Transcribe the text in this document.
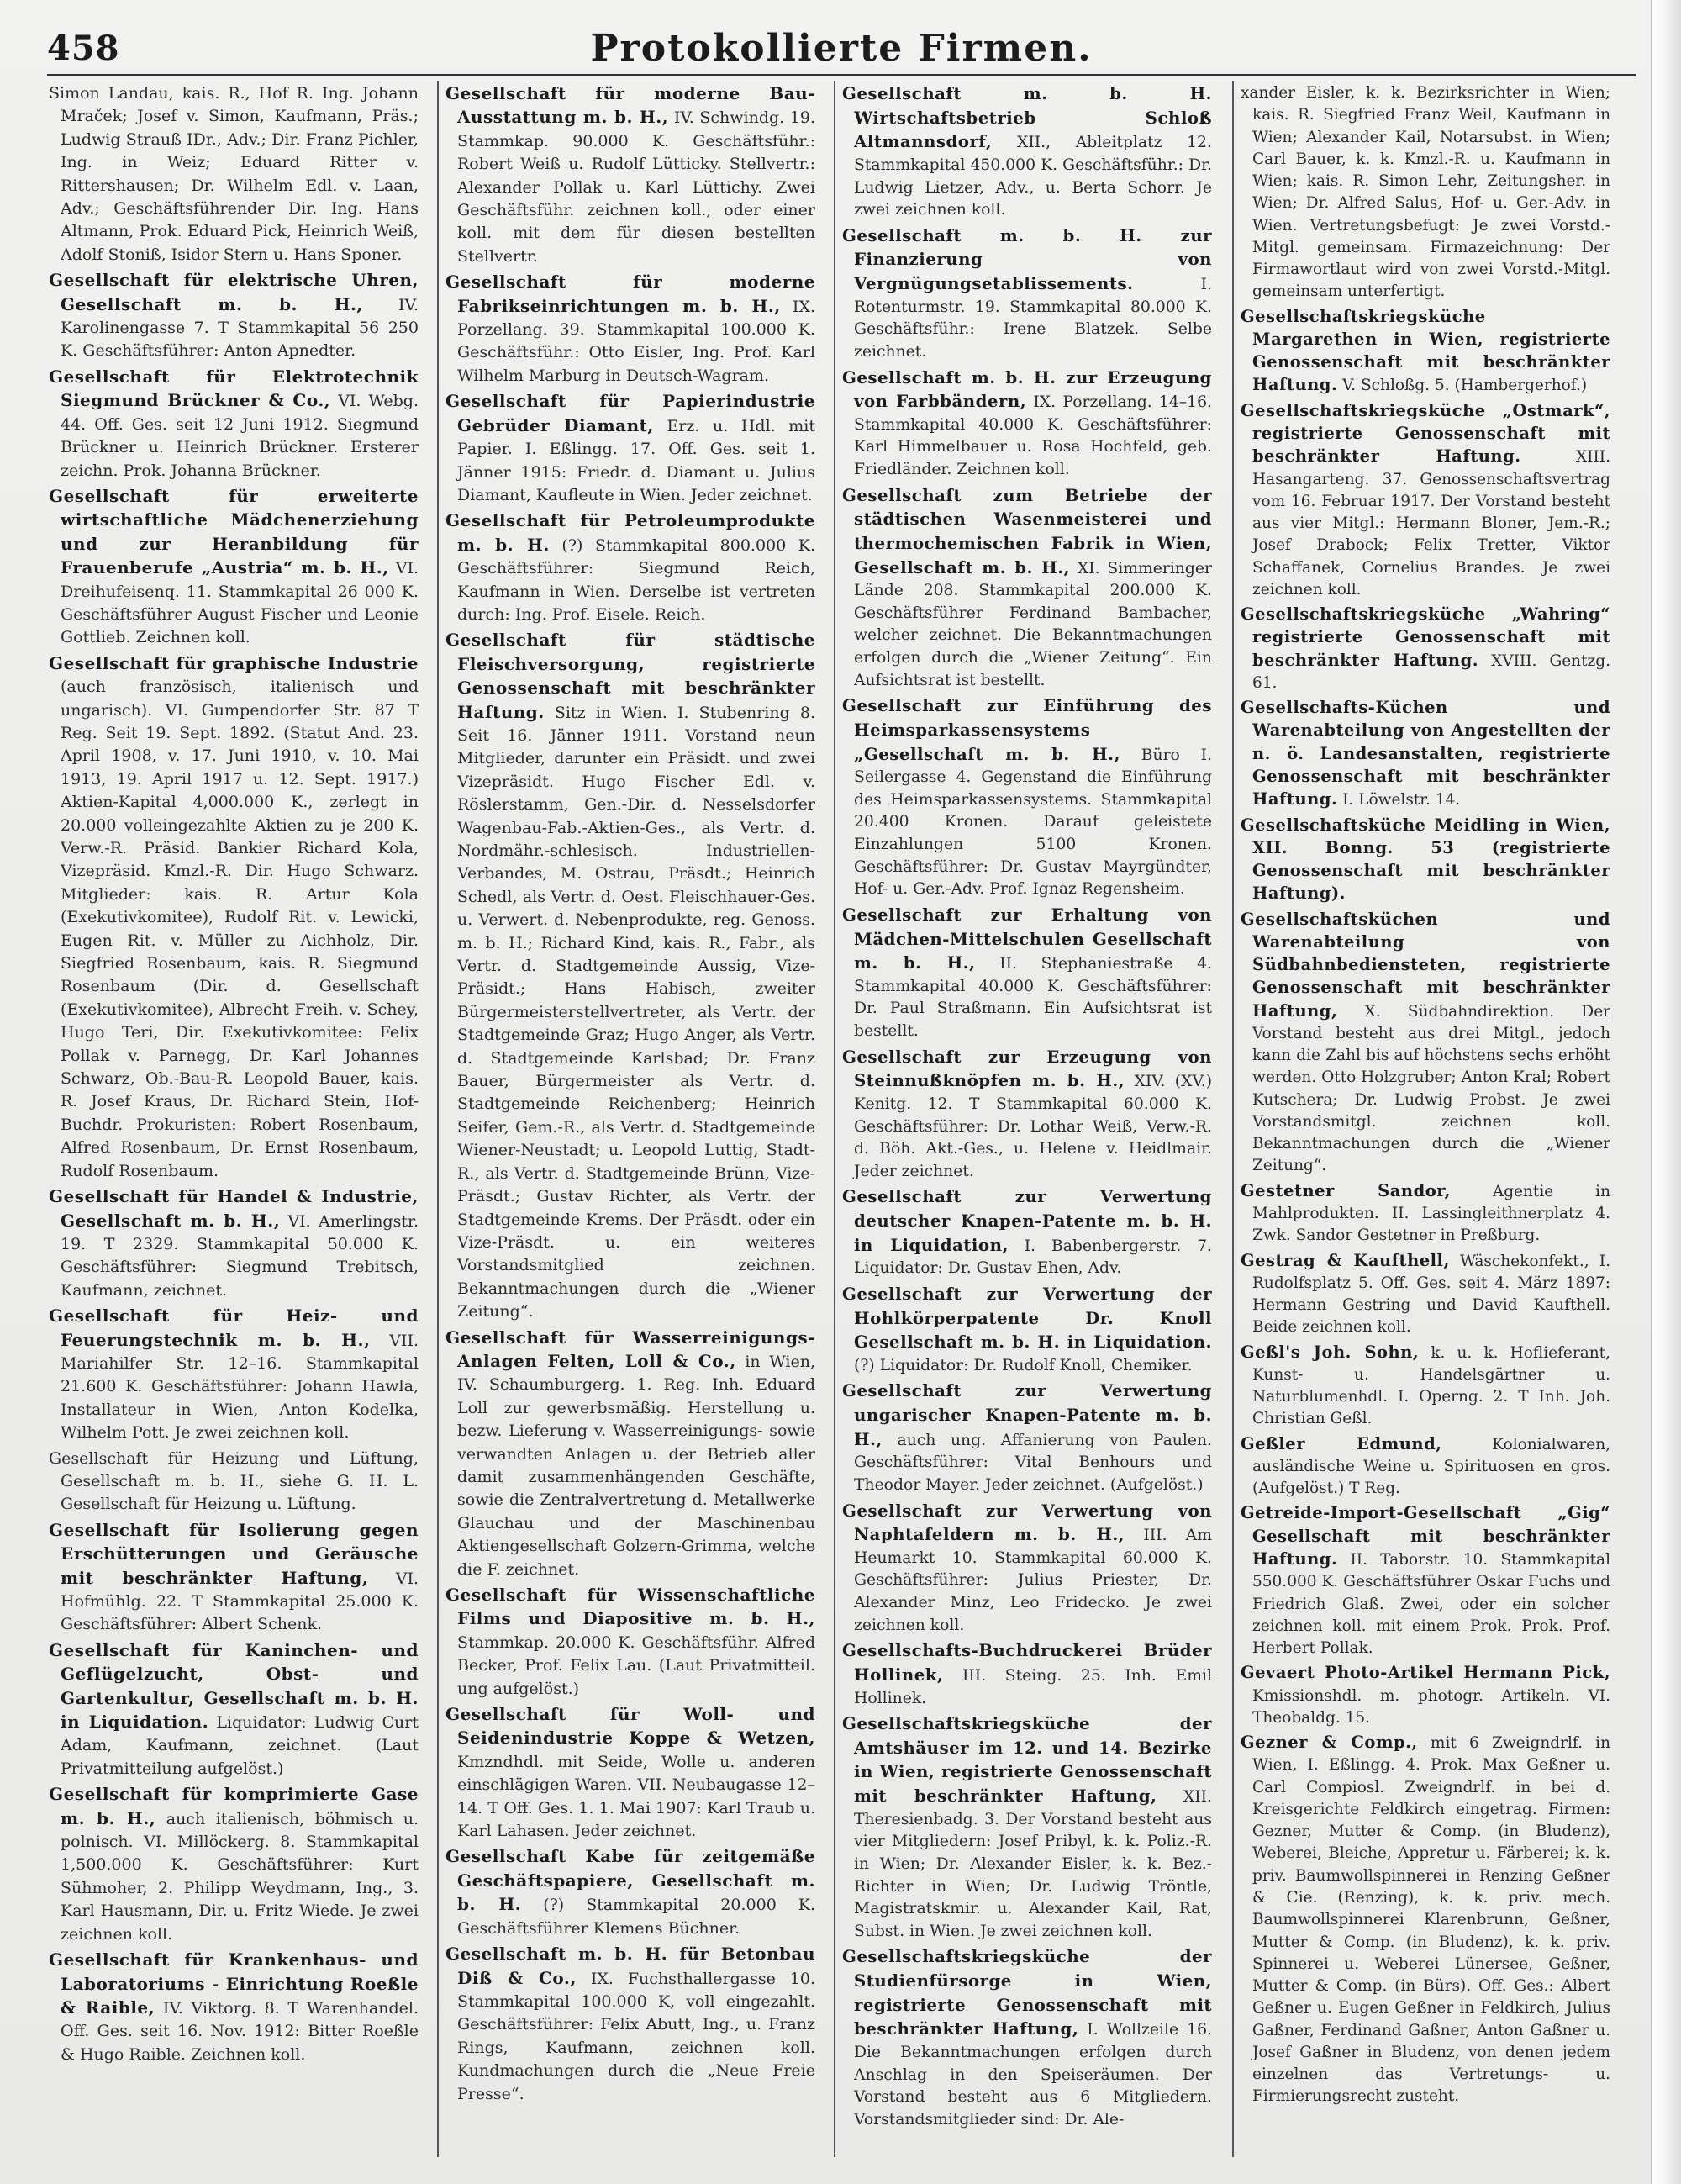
458	Protokollierte Firmen.

Simon Landau, kais. R., Hof R. Ing. Johann Mraček; Josef v. Simon, Kaufmann, Präs.; Ludwig Strauß IDr., Adv.; Dir. Franz Pichler, Ing. in Weiz; Eduard Ritter v. Rittershausen; Dr. Wilhelm Edl. v. Laan, Adv.; Geschäftsführender Dir. Ing. Hans Altmann, Prok. Eduard Pick, Heinrich Weiß, Adolf Stoniß, Isidor Stern u. Hans Sponer.

Gesellschaft für elektrische Uhren, Gesellschaft m. b. H., IV. Karolinengasse 7. T Stammkapital 56 250 K. Geschäftsführer: Anton Apnedter.

Gesellschaft für Elektrotechnik Siegmund Brückner & Co., VI. Webg. 44. Off. Ges. seit 12 Juni 1912. Siegmund Brückner u. Heinrich Brückner. Ersterer zeichn. Prok. Johanna Brückner.

Gesellschaft für erweiterte wirtschaftliche Mädchenerziehung und zur Heranbildung für Frauenberufe „Austria“ m. b. H., VI. Dreihufeisenq. 11. Stammkapital 26 000 K. Geschäftsführer August Fischer und Leonie Gottlieb. Zeichnen koll.

Gesellschaft für graphische Industrie (auch französisch, italienisch und ungarisch). VI. Gumpendorfer Str. 87 T Reg. Seit 19. Sept. 1892. (Statut And. 23. April 1908, v. 17. Juni 1910, v. 10. Mai 1913, 19. April 1917 u. 12. Sept. 1917.) Aktien-Kapital 4,000.000 K., zerlegt in 20.000 volleingezahlte Aktien zu je 200 K. Verw.-R. Präsid. Bankier Richard Kola, Vizepräsid. Kmzl.-R. Dir. Hugo Schwarz. Mitglieder: kais. R. Artur Kola (Exekutivkomitee), Rudolf Rit. v. Lewicki, Eugen Rit. v. Müller zu Aichholz, Dir. Siegfried Rosenbaum, kais. R. Siegmund Rosenbaum (Dir. d. Gesellschaft (Exekutivkomitee), Albrecht Freih. v. Schey, Hugo Teri, Dir. Exekutivkomitee: Felix Pollak v. Parnegg, Dr. Karl Johannes Schwarz, Ob.-Bau-R. Leopold Bauer, kais. R. Josef Kraus, Dr. Richard Stein, Hof-Buchdr. Prokuristen: Robert Rosenbaum, Alfred Rosenbaum, Dr. Ernst Rosenbaum, Rudolf Rosenbaum.

Gesellschaft für Handel & Industrie, Gesellschaft m. b. H., VI. Amerlingstr. 19. T 2329. Stammkapital 50.000 K. Geschäftsführer: Siegmund Trebitsch, Kaufmann, zeichnet.

Gesellschaft für Heiz- und Feuerungstechnik m. b. H., VII. Mariahilfer Str. 12–16. Stammkapital 21.600 K. Geschäftsführer: Johann Hawla, Installateur in Wien, Anton Kodelka, Wilhelm Pott. Je zwei zeichnen koll.

Gesellschaft für Heizung und Lüftung, Gesellschaft m. b. H., siehe G. H. L. Gesellschaft für Heizung u. Lüftung.

Gesellschaft für Isolierung gegen Erschütterungen und Geräusche mit beschränkter Haftung, VI. Hofmühlg. 22. T Stammkapital 25.000 K. Geschäftsführer: Albert Schenk.

Gesellschaft für Kaninchen- und Geflügelzucht, Obst- und Gartenkultur, Gesellschaft m. b. H. in Liquidation. Liquidator: Ludwig Curt Adam, Kaufmann, zeichnet. (Laut Privatmitteilung aufgelöst.)

Gesellschaft für komprimierte Gase m. b. H., auch italienisch, böhmisch u. polnisch. VI. Millöckerg. 8. Stammkapital 1,500.000 K. Geschäftsführer: Kurt Sühmoher, 2. Philipp Weydmann, Ing., 3. Karl Hausmann, Dir. u. Fritz Wiede. Je zwei zeichnen koll.

Gesellschaft für Krankenhaus- und Laboratoriums - Einrichtung Roeßle & Raible, IV. Viktorg. 8. T Warenhandel. Off. Ges. seit 16. Nov. 1912: Bitter Roeßle & Hugo Raible. Zeichnen koll.

Gesellschaft für moderne Bau-Ausstattung m. b. H., IV. Schwindg. 19. Stammkap. 90.000 K. Geschäftsführ.: Robert Weiß u. Rudolf Lütticky. Stellvertr.: Alexander Pollak u. Karl Lüttichy. Zwei Geschäftsführ. zeichnen koll., oder einer koll. mit dem für diesen bestellten Stellvertr.

Gesellschaft für moderne Fabrikseinrichtungen m. b. H., IX. Porzellang. 39. Stammkapital 100.000 K. Geschäftsführ.: Otto Eisler, Ing. Prof. Karl Wilhelm Marburg in Deutsch-Wagram.

Gesellschaft für Papierindustrie Gebrüder Diamant, Erz. u. Hdl. mit Papier. I. Eßlingg. 17. Off. Ges. seit 1. Jänner 1915: Friedr. d. Diamant u. Julius Diamant, Kaufleute in Wien. Jeder zeichnet.

Gesellschaft für Petroleumprodukte m. b. H. (?) Stammkapital 800.000 K. Geschäftsführer: Siegmund Reich, Kaufmann in Wien. Derselbe ist vertreten durch: Ing. Prof. Eisele. Reich.

Gesellschaft für städtische Fleischversorgung, registrierte Genossenschaft mit beschränkter Haftung. Sitz in Wien. I. Stubenring 8. Seit 16. Jänner 1911. Vorstand neun Mitglieder, darunter ein Präsidt. und zwei Vizepräsidt. Hugo Fischer Edl. v. Röslerstamm, Gen.-Dir. d. Nesselsdorfer Wagenbau-Fab.-Aktien-Ges., als Vertr. d. Nordmähr.-schlesisch. Industriellen-Verbandes, M. Ostrau, Präsdt.; Heinrich Schedl, als Vertr. d. Oest. Fleischhauer-Ges. u. Verwert. d. Nebenprodukte, reg. Genoss. m. b. H.; Richard Kind, kais. R., Fabr., als Vertr. d. Stadtgemeinde Aussig, Vize-Präsidt.; Hans Habisch, zweiter Bürgermeisterstellvertreter, als Vertr. der Stadtgemeinde Graz; Hugo Anger, als Vertr. d. Stadtgemeinde Karlsbad; Dr. Franz Bauer, Bürgermeister als Vertr. d. Stadtgemeinde Reichenberg; Heinrich Seifer, Gem.-R., als Vertr. d. Stadtgemeinde Wiener-Neustadt; u. Leopold Luttig, Stadt-R., als Vertr. d. Stadtgemeinde Brünn, Vize-Präsdt.; Gustav Richter, als Vertr. der Stadtgemeinde Krems. Der Präsdt. oder ein Vize-Präsdt. u. ein weiteres Vorstandsmitglied zeichnen. Bekanntmachungen durch die „Wiener Zeitung“.

Gesellschaft für Wasserreinigungs-Anlagen Felten, Loll & Co., in Wien, IV. Schaumburgerg. 1. Reg. Inh. Eduard Loll zur gewerbsmäßig. Herstellung u. bezw. Lieferung v. Wasserreinigungs- sowie verwandten Anlagen u. der Betrieb aller damit zusammenhängenden Geschäfte, sowie die Zentralvertretung d. Metallwerke Glauchau und der Maschinenbau Aktiengesellschaft Golzern-Grimma, welche die F. zeichnet.

Gesellschaft für Wissenschaftliche Films und Diapositive m. b. H., Stammkap. 20.000 K. Geschäftsführ. Alfred Becker, Prof. Felix Lau. (Laut Privatmitteil. ung aufgelöst.)

Gesellschaft für Woll- und Seidenindustrie Koppe & Wetzen, Kmzndhdl. mit Seide, Wolle u. anderen einschlägigen Waren. VII. Neubaugasse 12–14. T Off. Ges. 1. 1. Mai 1907: Karl Traub u. Karl Lahasen. Jeder zeichnet.

Gesellschaft Kabe für zeitgemäße Geschäftspapiere, Gesellschaft m. b. H. (?) Stammkapital 20.000 K. Geschäftsführer Klemens Büchner.

Gesellschaft m. b. H. für Betonbau Diß & Co., IX. Fuchsthallergasse 10. Stammkapital 100.000 K, voll eingezahlt. Geschäftsführer: Felix Abutt, Ing., u. Franz Rings, Kaufmann, zeichnen koll. Kundmachungen durch die „Neue Freie Presse“.

Gesellschaft m. b. H. Wirtschaftsbetrieb Schloß Altmannsdorf, XII., Ableitplatz 12. Stammkapital 450.000 K. Geschäftsführ.: Dr. Ludwig Lietzer, Adv., u. Berta Schorr. Je zwei zeichnen koll.

Gesellschaft m. b. H. zur Finanzierung von Vergnügungsetablissements.	I. Rotenturmstr. 19. Stammkapital 80.000 K. Geschäftsführ.: Irene Blatzek. Selbe zeichnet.

Gesellschaft m. b. H. zur Erzeugung von Farbbändern, IX. Porzellang. 14–16. Stammkapital 40.000 K. Geschäftsführer: Karl Himmelbauer u. Rosa Hochfeld, geb. Friedländer. Zeichnen koll.

Gesellschaft zum Betriebe der städtischen Wasenmeisterei und thermochemischen Fabrik in Wien, Gesellschaft m. b. H., XI. Simmeringer Lände 208. Stammkapital 200.000 K. Geschäftsführer Ferdinand Bambacher, welcher zeichnet. Die Bekanntmachungen erfolgen durch die „Wiener Zeitung“. Ein Aufsichtsrat ist bestellt.

Gesellschaft zur Einführung des Heimsparkassensystems „Gesellschaft m. b. H., Büro I. Seilergasse 4. Gegenstand die Einführung des Heimsparkassensystems. Stammkapital 20.400 Kronen. Darauf geleistete Einzahlungen 5100 Kronen. Geschäftsführer: Dr. Gustav Mayrgündter, Hof- u. Ger.-Adv. Prof. Ignaz Regensheim.

Gesellschaft zur Erhaltung von Mädchen-Mittelschulen Gesellschaft m. b. H., II. Stephaniestraße 4. Stammkapital 40.000 K. Geschäftsführer: Dr. Paul Straßmann. Ein Aufsichtsrat ist bestellt.

Gesellschaft zur Erzeugung von Steinnußknöpfen m. b. H., XIV. (XV.) Kenitg. 12. T Stammkapital 60.000 K. Geschäftsführer: Dr. Lothar Weiß, Verw.-R. d. Böh. Akt.-Ges., u. Helene v. Heidlmair. Jeder zeichnet.

Gesellschaft zur Verwertung deutscher Knapen-Patente m. b. H. in Liquidation, I. Babenbergerstr. 7. Liquidator: Dr. Gustav Ehen, Adv.

Gesellschaft zur Verwertung der Hohlkörperpatente Dr. Knoll Gesellschaft m. b. H. in Liquidation. (?) Liquidator: Dr. Rudolf Knoll, Chemiker.

Gesellschaft zur Verwertung ungarischer Knapen-Patente m. b. H., auch ung. Affanierung von Paulen. Geschäftsführer: Vital Benhours und Theodor Mayer. Jeder zeichnet. (Aufgelöst.)

Gesellschaft zur Verwertung von Naphtafeldern m. b. H., III. Am Heumarkt 10. Stammkapital 60.000 K. Geschäftsführer: Julius Priester, Dr. Alexander Minz, Leo Fridecko. Je zwei zeichnen koll.

Gesellschafts-Buchdruckerei Brüder Hollinek, III. Steing. 25. Inh. Emil Hollinek.

Gesellschaftskriegsküche der Amtshäuser im 12. und 14. Bezirke in Wien, registrierte Genossenschaft mit beschränkter Haftung, XII. Theresienbadg. 3. Der Vorstand besteht aus vier Mitgliedern: Josef Pribyl, k. k. Poliz.-R. in Wien; Dr. Alexander Eisler, k. k. Bez.-Richter in Wien; Dr. Ludwig Tröntle, Magistratskmir. u. Alexander Kail, Rat, Subst. in Wien. Je zwei zeichnen koll.

Gesellschaftskriegsküche der Studienfürsorge in Wien, registrierte Genossenschaft mit beschränkter Haftung, I. Wollzeile 16. Die Bekanntmachungen erfolgen durch Anschlag in den Speiseräumen. Der Vorstand besteht aus 6 Mitgliedern. Vorstandsmitglieder sind: Dr. Ale-

xander Eisler, k. k. Bezirksrichter in Wien; kais. R. Siegfried Franz Weil, Kaufmann in Wien; Alexander Kail, Notarsubst. in Wien; Carl Bauer, k. k. Kmzl.-R. u. Kaufmann in Wien; kais. R. Simon Lehr, Zeitungsher. in Wien; Dr. Alfred Salus, Hof- u. Ger.-Adv. in Wien. Vertretungsbefugt: Je zwei Vorstd.-Mitgl. gemeinsam. Firmazeichnung: Der Firmawortlaut wird von zwei Vorstd.-Mitgl. gemeinsam unterfertigt.

Gesellschaftskriegsküche Margarethen in Wien, registrierte Genossenschaft mit beschränkter Haftung. V. Schloßg. 5. (Hambergerhof.)

Gesellschaftskriegsküche „Ostmark“, registrierte Genossenschaft mit beschränkter Haftung.	XIII. Hasangarteng. 37. Genossenschaftsvertrag vom 16. Februar 1917. Der Vorstand besteht aus vier Mitgl.: Hermann Bloner, Jem.-R.; Josef Drabock; Felix Tretter, Viktor Schaffanek, Cornelius Brandes. Je zwei zeichnen koll.

Gesellschaftskriegsküche „Wahring“ registrierte Genossenschaft mit beschränkter Haftung. XVIII. Gentzg. 61.

Gesellschafts-Küchen und Warenabteilung von Angestellten der n. ö. Landesanstalten, registrierte Genossenschaft mit beschränkter Haftung. I. Löwelstr. 14.

Gesellschaftsküche Meidling in Wien, XII. Bonng. 53 (registrierte Genossenschaft mit beschränkter Haftung).

Gesellschaftsküchen und Warenabteilung von Südbahnbediensteten, registrierte Genossenschaft mit beschränkter Haftung, X. Südbahndirektion. Der Vorstand besteht aus drei Mitgl., jedoch kann die Zahl bis auf höchstens sechs erhöht werden. Otto Holzgruber; Anton Kral; Robert Kutschera; Dr. Ludwig Probst. Je zwei Vorstandsmitgl. zeichnen koll. Bekanntmachungen durch die „Wiener Zeitung“.

Gestetner Sandor,	Agentie in Mahlprodukten. II. Lassingleithnerplatz 4. Zwk. Sandor Gestetner in Preßburg.

Gestrag & Kaufthell, Wäschekonfekt., I. Rudolfsplatz 5. Off. Ges. seit 4. März 1897: Hermann Gestring und David Kaufthell. Beide zeichnen koll.

Geßl's Joh. Sohn, k. u. k. Hoflieferant, Kunst- u. Handelsgärtner u. Naturblumenhdl. I. Operng. 2. T Inh. Joh. Christian Geßl.

Geßler Edmund,	Kolonialwaren, ausländische Weine u. Spirituosen en gros. (Aufgelöst.) T Reg.

Getreide-Import-Gesellschaft „Gig“ Gesellschaft mit beschränkter Haftung. II. Taborstr. 10. Stammkapital 550.000 K. Geschäftsführer Oskar Fuchs und Friedrich Glaß. Zwei, oder ein solcher zeichnen koll. mit einem Prok. Prok. Prof. Herbert Pollak.

Gevaert Photo-Artikel Hermann Pick, Kmissionshdl. m. photogr. Artikeln. VI. Theobaldg. 15.

Gezner & Comp., mit 6 Zweigndrlf. in Wien, I. Eßlingg. 4. Prok. Max Geßner u. Carl Compiosl. Zweigndrlf. in bei d. Kreisgerichte Feldkirch eingetrag. Firmen: Gezner, Mutter & Comp. (in Bludenz), Weberei, Bleiche, Appretur u. Färberei; k. k. priv. Baumwollspinnerei in Renzing Geßner & Cie. (Renzing), k. k. priv. mech. Baumwollspinnerei Klarenbrunn, Geßner, Mutter & Comp. (in Bludenz), k. k. priv. Spinnerei u. Weberei Lünersee, Geßner, Mutter & Comp. (in Bürs). Off. Ges.: Albert Geßner u. Eugen Geßner in Feldkirch, Julius Gaßner, Ferdinand Gaßner, Anton Gaßner u. Josef Gaßner in Bludenz, von denen jedem einzelnen das Vertretungs- u. Firmierungsrecht zusteht.
